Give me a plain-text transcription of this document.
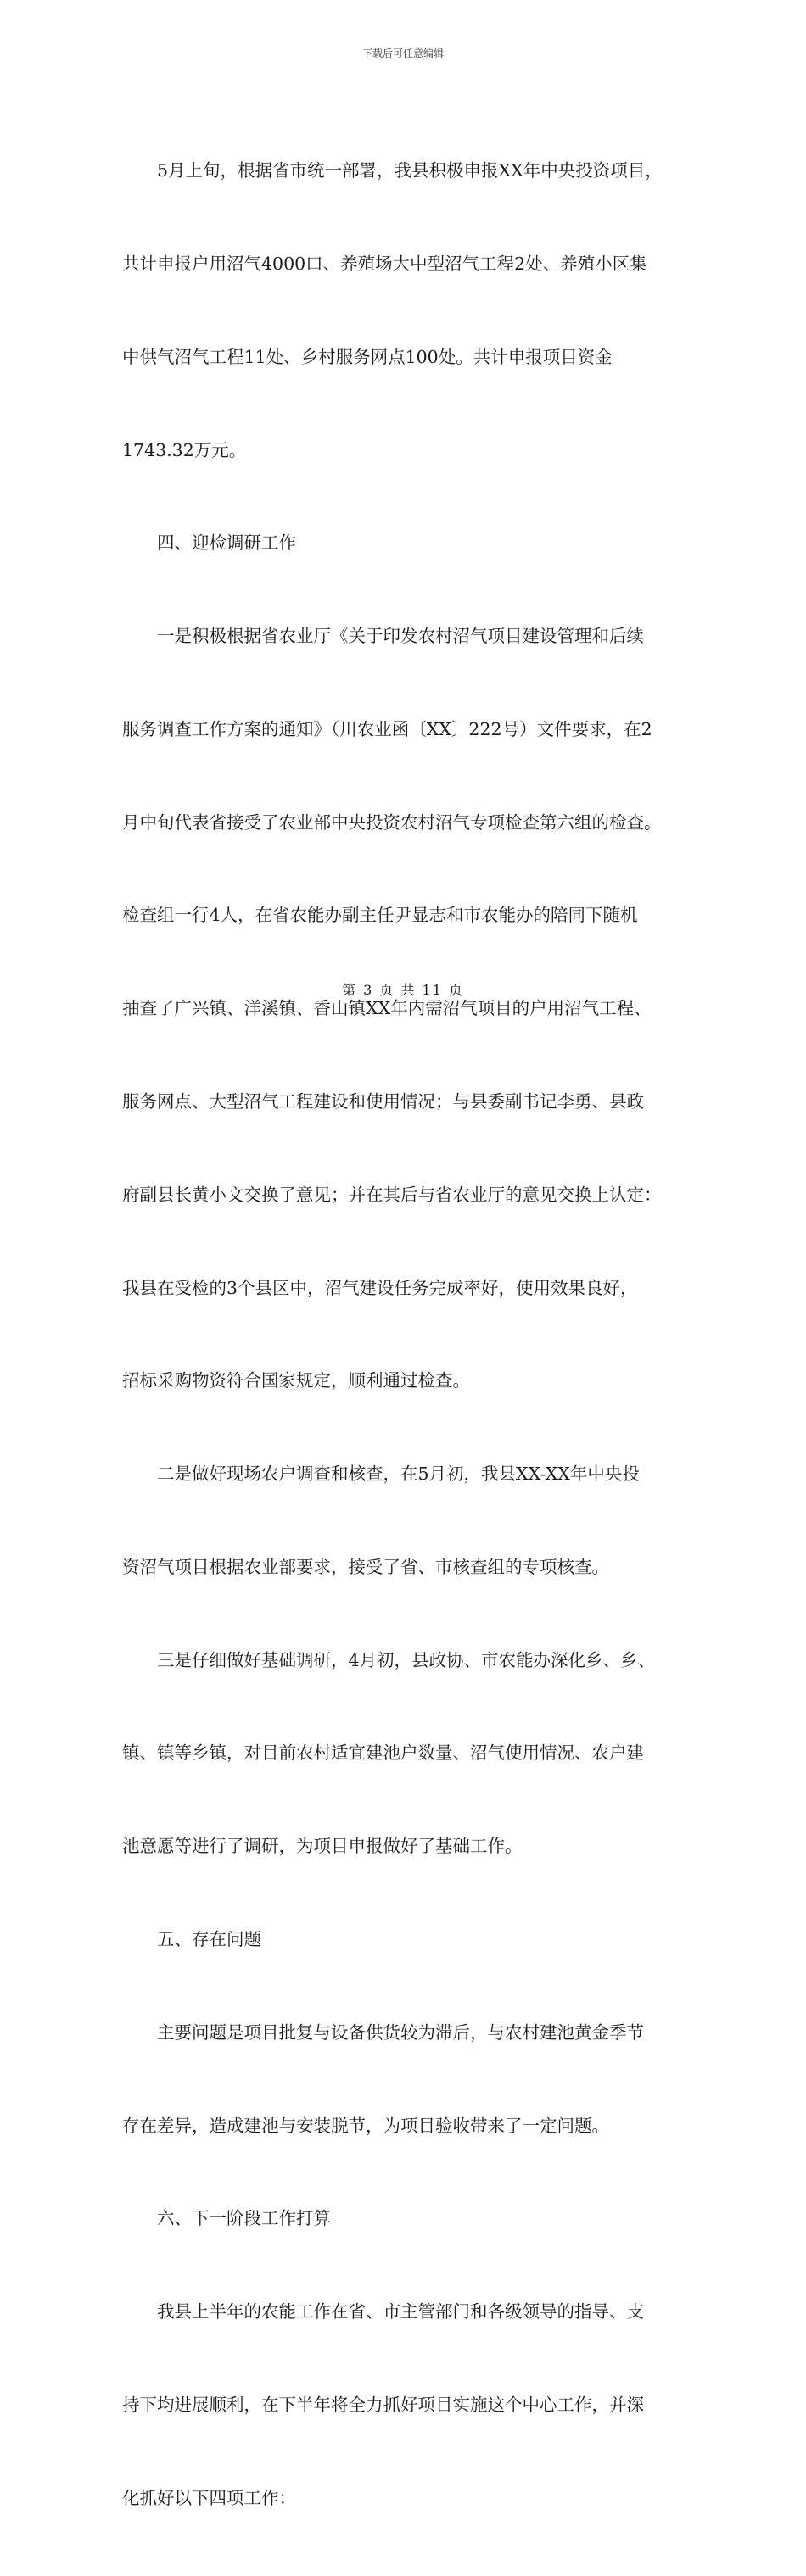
下载后可任意编辑

　　5月上旬，根据省市统一部署，我县积极申报XX年中央投资项目，

共计申报户用沼气4000口、养殖场大中型沼气工程2处、养殖小区集

中供气沼气工程11处、乡村服务网点100处。共计申报项目资金

1743.32万元。

　　四、迎检调研工作

　　一是积极根据省农业厅《关于印发农村沼气项目建设管理和后续

服务调查工作方案的通知》（川农业函〔XX〕222号）文件要求，在2

月中旬代表省接受了农业部中央投资农村沼气专项检查第六组的检查。

检查组一行4人，在省农能办副主任尹显志和市农能办的陪同下随机

抽查了广兴镇、洋溪镇、香山镇XX年内需沼气项目的户用沼气工程、

服务网点、大型沼气工程建设和使用情况；与县委副书记李勇、县政

府副县长黄小文交换了意见；并在其后与省农业厅的意见交换上认定：

我县在受检的3个县区中，沼气建设任务完成率好，使用效果良好，

招标采购物资符合国家规定，顺利通过检查。

　　二是做好现场农户调查和核查，在5月初，我县XX-XX年中央投

资沼气项目根据农业部要求，接受了省、市核查组的专项核查。

　　三是仔细做好基础调研，4月初，县政协、市农能办深化乡、乡、

镇、镇等乡镇，对目前农村适宜建池户数量、沼气使用情况、农户建

池意愿等进行了调研，为项目申报做好了基础工作。

　　五、存在问题

　　主要问题是项目批复与设备供货较为滞后，与农村建池黄金季节

存在差异，造成建池与安装脱节，为项目验收带来了一定问题。

　　六、下一阶段工作打算

　　我县上半年的农能工作在省、市主管部门和各级领导的指导、支

持下均进展顺利，在下半年将全力抓好项目实施这个中心工作，并深

化抓好以下四项工作：

第 3 页 共 11 页
